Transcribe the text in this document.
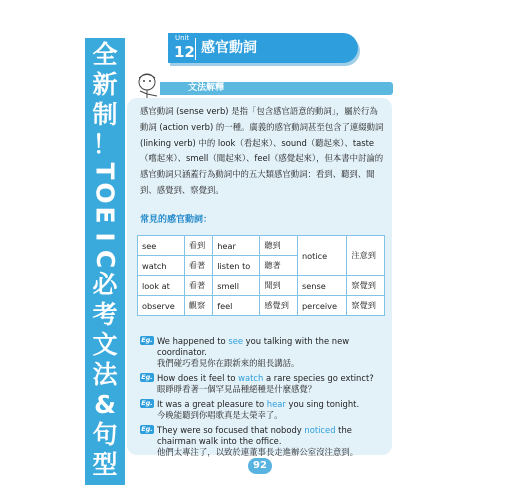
全
新
制
！
T
O
E
I
C
必
考
文
法
&
句
型
Unit
12 感官動詞
文法解釋

感官動詞 (sense verb) 是指「包含感官語意的動詞」，屬於行為動詞 (action verb) 的一種。廣義的感官動詞甚至包含了連綴動詞 (linking verb) 中的 look（看起來）、sound（聽起來）、taste（嚐起來）、smell（聞起來）、feel（感覺起來），但本書中討論的感官動詞只涵蓋行為動詞中的五大類感官動詞：看到、聽到、聞到、感覺到、察覺到。

常見的感官動詞：
see	看到	hear	聽到	notice	注意到
watch	看著	listen to	聽著		
look at	看著	smell	聞到	sense	察覺到
observe	觀察	feel	感覺到	perceive	察覺到
Eg. We happened to see you talking with the new coordinator.
我們碰巧看見你在跟新來的組長講話。
Eg. How does it feel to watch a rare species go extinct?
眼睜睜看著一個罕見品種絕種是什麼感覺？
Eg. It was a great pleasure to hear you sing tonight.
今晚能聽到你唱歌真是太榮幸了。
Eg. They were so focused that nobody noticed the chairman walk into the office.
他們太專注了，以致於連董事長走進辦公室沒注意到。
92
